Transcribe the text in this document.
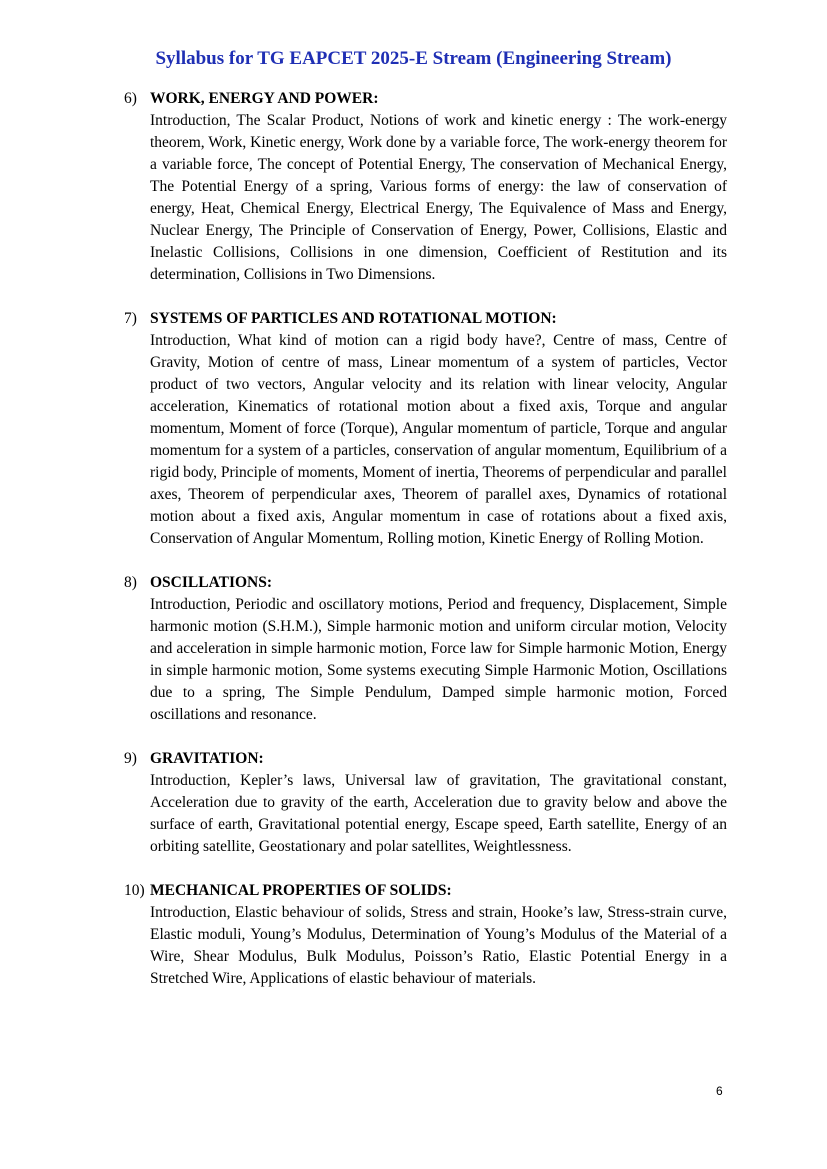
Syllabus for TG EAPCET 2025-E Stream (Engineering Stream)
6) WORK, ENERGY AND POWER:
Introduction, The Scalar Product, Notions of work and kinetic energy : The work-energy theorem, Work, Kinetic energy, Work done by a variable force, The work-energy theorem for a variable force, The concept of Potential Energy, The conservation of Mechanical Energy, The Potential Energy of a spring, Various forms of energy: the law of conservation of energy, Heat, Chemical Energy, Electrical Energy, The Equivalence of Mass and Energy, Nuclear Energy, The Principle of Conservation of Energy, Power, Collisions, Elastic and Inelastic Collisions, Collisions in one dimension, Coefficient of Restitution and its determination, Collisions in Two Dimensions.
7) SYSTEMS OF PARTICLES AND ROTATIONAL MOTION:
Introduction, What kind of motion can a rigid body have?, Centre of mass, Centre of Gravity, Motion of centre of mass, Linear momentum of a system of particles, Vector product of two vectors, Angular velocity and its relation with linear velocity, Angular acceleration, Kinematics of rotational motion about a fixed axis, Torque and angular momentum, Moment of force (Torque), Angular momentum of particle, Torque and angular momentum for a system of a particles, conservation of angular momentum, Equilibrium of a rigid body, Principle of moments, Moment of inertia, Theorems of perpendicular and parallel axes, Theorem of perpendicular axes, Theorem of parallel axes, Dynamics of rotational motion about a fixed axis, Angular momentum in case of rotations about a fixed axis, Conservation of Angular Momentum, Rolling motion, Kinetic Energy of Rolling Motion.
8) OSCILLATIONS:
Introduction, Periodic and oscillatory motions, Period and frequency, Displacement, Simple harmonic motion (S.H.M.), Simple harmonic motion and uniform circular motion, Velocity and acceleration in simple harmonic motion, Force law for Simple harmonic Motion, Energy in simple harmonic motion, Some systems executing Simple Harmonic Motion, Oscillations due to a spring, The Simple Pendulum, Damped simple harmonic motion, Forced oscillations and resonance.
9) GRAVITATION:
Introduction, Kepler’s laws, Universal law of gravitation, The gravitational constant, Acceleration due to gravity of the earth, Acceleration due to gravity below and above the surface of earth, Gravitational potential energy, Escape speed, Earth satellite, Energy of an orbiting satellite, Geostationary and polar satellites, Weightlessness.
10) MECHANICAL PROPERTIES OF SOLIDS:
Introduction, Elastic behaviour of solids, Stress and strain, Hooke’s law, Stress-strain curve, Elastic moduli, Young’s Modulus, Determination of Young’s Modulus of the Material of a Wire, Shear Modulus, Bulk Modulus, Poisson’s Ratio, Elastic Potential Energy in a Stretched Wire, Applications of elastic behaviour of materials.
6
